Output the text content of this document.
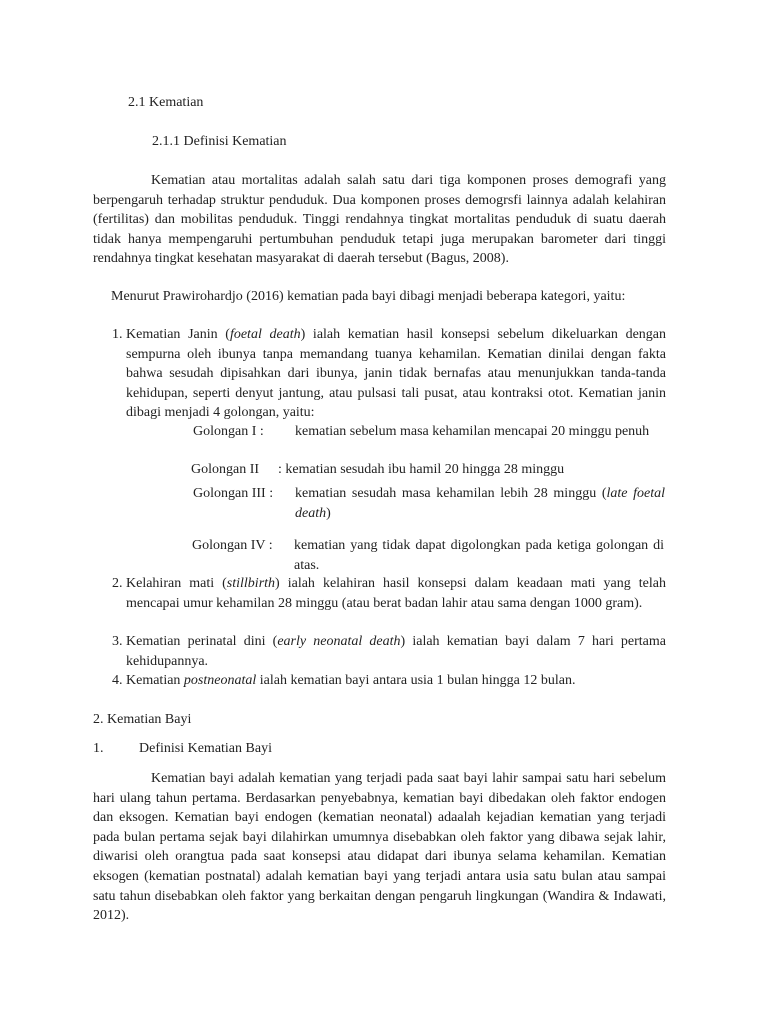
2.1 Kematian
2.1.1 Definisi Kematian

Kematian atau mortalitas adalah salah satu dari tiga komponen proses demografi yang berpengaruh terhadap struktur penduduk. Dua komponen proses demogrsfi lainnya adalah kelahiran (fertilitas) dan mobilitas penduduk. Tinggi rendahnya tingkat mortalitas penduduk di suatu daerah tidak hanya mempengaruhi pertumbuhan penduduk tetapi juga merupakan barometer dari tinggi rendahnya tingkat kesehatan masyarakat di daerah tersebut (Bagus, 2008).

Menurut Prawirohardjo (2016) kematian pada bayi dibagi menjadi beberapa kategori, yaitu:

1. Kematian Janin (foetal death) ialah kematian hasil konsepsi sebelum dikeluarkan dengan sempurna oleh ibunya tanpa memandang tuanya kehamilan. Kematian dinilai dengan fakta bahwa sesudah dipisahkan dari ibunya, janin tidak bernafas atau menunjukkan tanda-tanda kehidupan, seperti denyut jantung, atau pulsasi tali pusat, atau kontraksi otot. Kematian janin dibagi menjadi 4 golongan, yaitu:

Golongan I : kematian sebelum masa kehamilan mencapai 20 minggu penuh
Golongan II : kematian sesudah ibu hamil 20 hingga 28 minggu
Golongan III : kematian sesudah masa kehamilan lebih 28 minggu (late foetal death)
Golongan IV : kematian yang tidak dapat digolongkan pada ketiga golongan di atas.
2. Kelahiran mati (stillbirth) ialah kelahiran hasil konsepsi dalam keadaan mati yang telah mencapai umur kehamilan 28 minggu (atau berat badan lahir atau sama dengan 1000 gram).

3. Kematian perinatal dini (early neonatal death) ialah kematian bayi dalam 7 hari pertama kehidupannya.

4. Kematian postneonatal ialah kematian bayi antara usia 1 bulan hingga 12 bulan.

2. Kematian Bayi
1.	Definisi Kematian Bayi

Kematian bayi adalah kematian yang terjadi pada saat bayi lahir sampai satu hari sebelum hari ulang tahun pertama. Berdasarkan penyebabnya, kematian bayi dibedakan oleh faktor endogen dan eksogen. Kematian bayi endogen (kematian neonatal) adaalah kejadian kematian yang terjadi pada bulan pertama sejak bayi dilahirkan umumnya disebabkan oleh faktor yang dibawa sejak lahir, diwarisi oleh orangtua pada saat konsepsi atau didapat dari ibunya selama kehamilan. Kematian eksogen (kematian postnatal) adalah kematian bayi yang terjadi antara usia satu bulan atau sampai satu tahun disebabkan oleh faktor yang berkaitan dengan pengaruh lingkungan (Wandira & Indawati, 2012).
